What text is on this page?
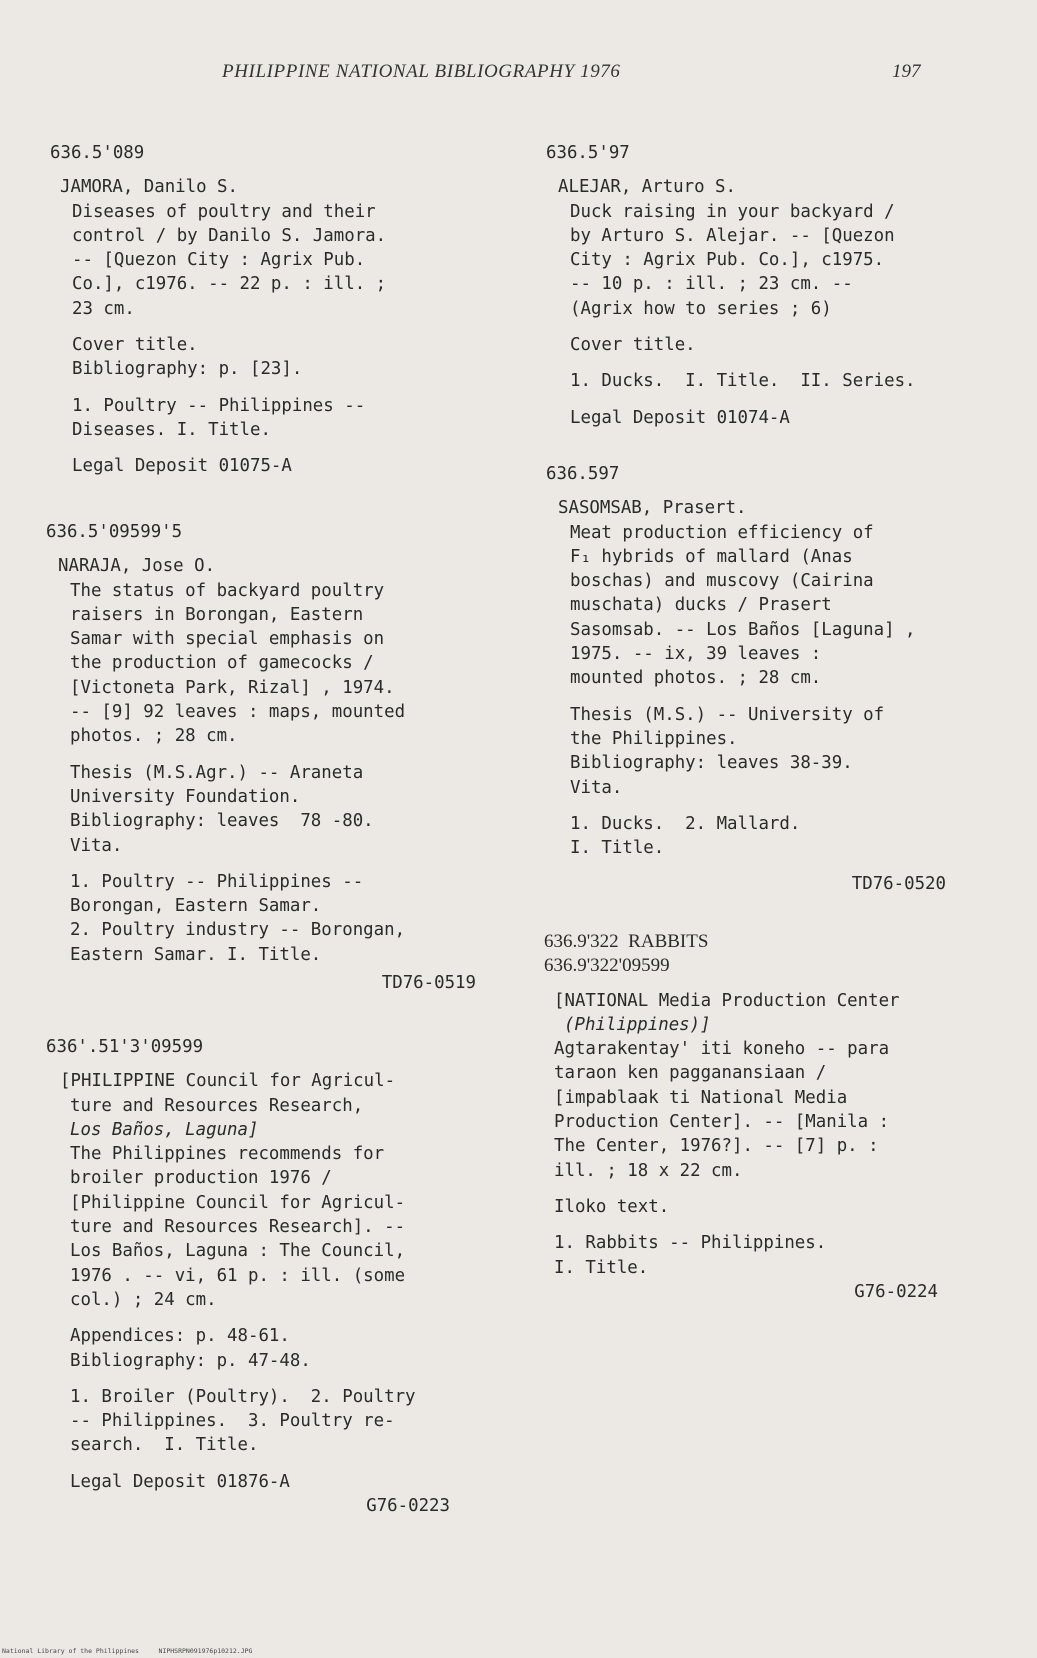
PHILIPPINE NATIONAL BIBLIOGRAPHY 1976	197

636.5'089

JAMORA, Danilo S.

Diseases of poultry and their

control / by Danilo S. Jamora.

-- [Quezon City : Agrix Pub.

Co.], c1976. -- 22 p. : ill. ;

23 cm.

Cover title.

Bibliography: p. [23].

1. Poultry -- Philippines --

Diseases. I. Title.

Legal Deposit 01075-A

636.5'09599'5

NARAJA, Jose O.

The status of backyard poultry

raisers in Borongan, Eastern

Samar with special emphasis on

the production of gamecocks /

[Victoneta Park, Rizal] , 1974.

-- [9] 92 leaves : maps, mounted

photos. ; 28 cm.

Thesis (M.S.Agr.) -- Araneta

University Foundation.

Bibliography: leaves  78 -80.

Vita.

1. Poultry -- Philippines --

Borongan, Eastern Samar.

2. Poultry industry -- Borongan,

Eastern Samar. I. Title.

TD76-0519

636'.51'3'09599

[PHILIPPINE Council for Agricul-

ture and Resources Research,

Los Baños, Laguna]

The Philippines recommends for

broiler production 1976 /

[Philippine Council for Agricul-

ture and Resources Research]. --

Los Baños, Laguna : The Council,

1976 . -- vi, 61 p. : ill. (some

col.) ; 24 cm.

Appendices: p. 48-61.

Bibliography: p. 47-48.

1. Broiler (Poultry).  2. Poultry

-- Philippines.  3. Poultry re-

search.  I. Title.

Legal Deposit 01876-A

G76-0223

636.5'97

ALEJAR, Arturo S.

Duck raising in your backyard /

by Arturo S. Alejar. -- [Quezon

City : Agrix Pub. Co.], c1975.

-- 10 p. : ill. ; 23 cm. --

(Agrix how to series ; 6)

Cover title.

1. Ducks.  I. Title.  II. Series.

Legal Deposit 01074-A

636.597

SASOMSAB, Prasert.

Meat production efficiency of

F₁ hybrids of mallard (Anas

boschas) and muscovy (Cairina

muschata) ducks / Prasert

Sasomsab. -- Los Baños [Laguna] ,

1975. -- ix, 39 leaves :

mounted photos. ; 28 cm.

Thesis (M.S.) -- University of

the Philippines.

Bibliography: leaves 38-39.

Vita.

1. Ducks.  2. Mallard.

I. Title.

TD76-0520

636.9'322  RABBITS

636.9'322'09599

[NATIONAL Media Production Center

(Philippines)]

Agtarakentay' iti koneho -- para

taraon ken pagganansiaan /

[impablaak ti National Media

Production Center]. -- [Manila :

The Center, 1976?]. -- [7] p. :

ill. ; 18 x 22 cm.

Iloko text.

1. Rabbits -- Philippines.

I. Title.

G76-0224

National Library of the Philippines     NIPHSRPN091976p10212.JPG
